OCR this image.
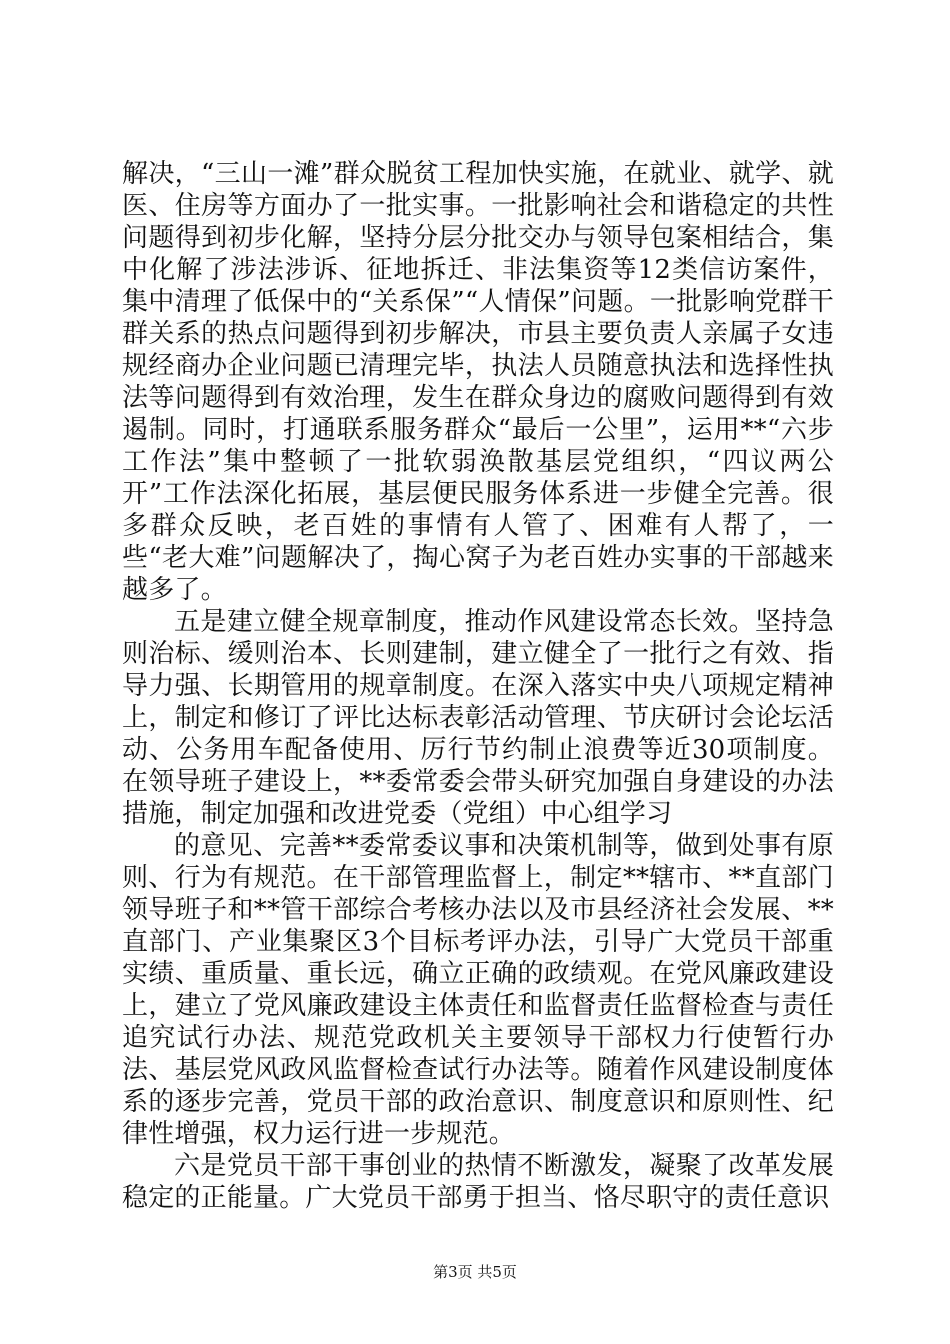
解决，“三山一滩”群众脱贫工程加快实施，在就业、就学、就医、住房等方面办了一批实事。一批影响社会和谐稳定的共性问题得到初步化解，坚持分层分批交办与领导包案相结合，集中化解了涉法涉诉、征地拆迁、非法集资等12类信访案件，集中清理了低保中的“关系保”“人情保”问题。一批影响党群干群关系的热点问题得到初步解决，市县主要负责人亲属子女违规经商办企业问题已清理完毕，执法人员随意执法和选择性执法等问题得到有效治理，发生在群众身边的腐败问题得到有效遏制。同时，打通联系服务群众“最后一公里”，运用**“六步工作法”集中整顿了一批软弱涣散基层党组织，“四议两公开”工作法深化拓展，基层便民服务体系进一步健全完善。很多群众反映，老百姓的事情有人管了、困难有人帮了，一些“老大难”问题解决了，掏心窝子为老百姓办实事的干部越来越多了。

五是建立健全规章制度，推动作风建设常态长效。坚持急则治标、缓则治本、长则建制，建立健全了一批行之有效、指导力强、长期管用的规章制度。在深入落实中央八项规定精神上，制定和修订了评比达标表彰活动管理、节庆研讨会论坛活动、公务用车配备使用、厉行节约制止浪费等近30项制度。在领导班子建设上，**委常委会带头研究加强自身建设的办法措施，制定加强和改进党委（党组）中心组学习

的意见、完善**委常委议事和决策机制等，做到处事有原则、行为有规范。在干部管理监督上，制定**辖市、**直部门领导班子和**管干部综合考核办法以及市县经济社会发展、**直部门、产业集聚区3个目标考评办法，引导广大党员干部重实绩、重质量、重长远，确立正确的政绩观。在党风廉政建设上，建立了党风廉政建设主体责任和监督责任监督检查与责任追究试行办法、规范党政机关主要领导干部权力行使暂行办法、基层党风政风监督检查试行办法等。随着作风建设制度体系的逐步完善，党员干部的政治意识、制度意识和原则性、纪律性增强，权力运行进一步规范。

六是党员干部干事创业的热情不断激发，凝聚了改革发展稳定的正能量。广大党员干部勇于担当、恪尽职守的责任意识

第3页 共5页
